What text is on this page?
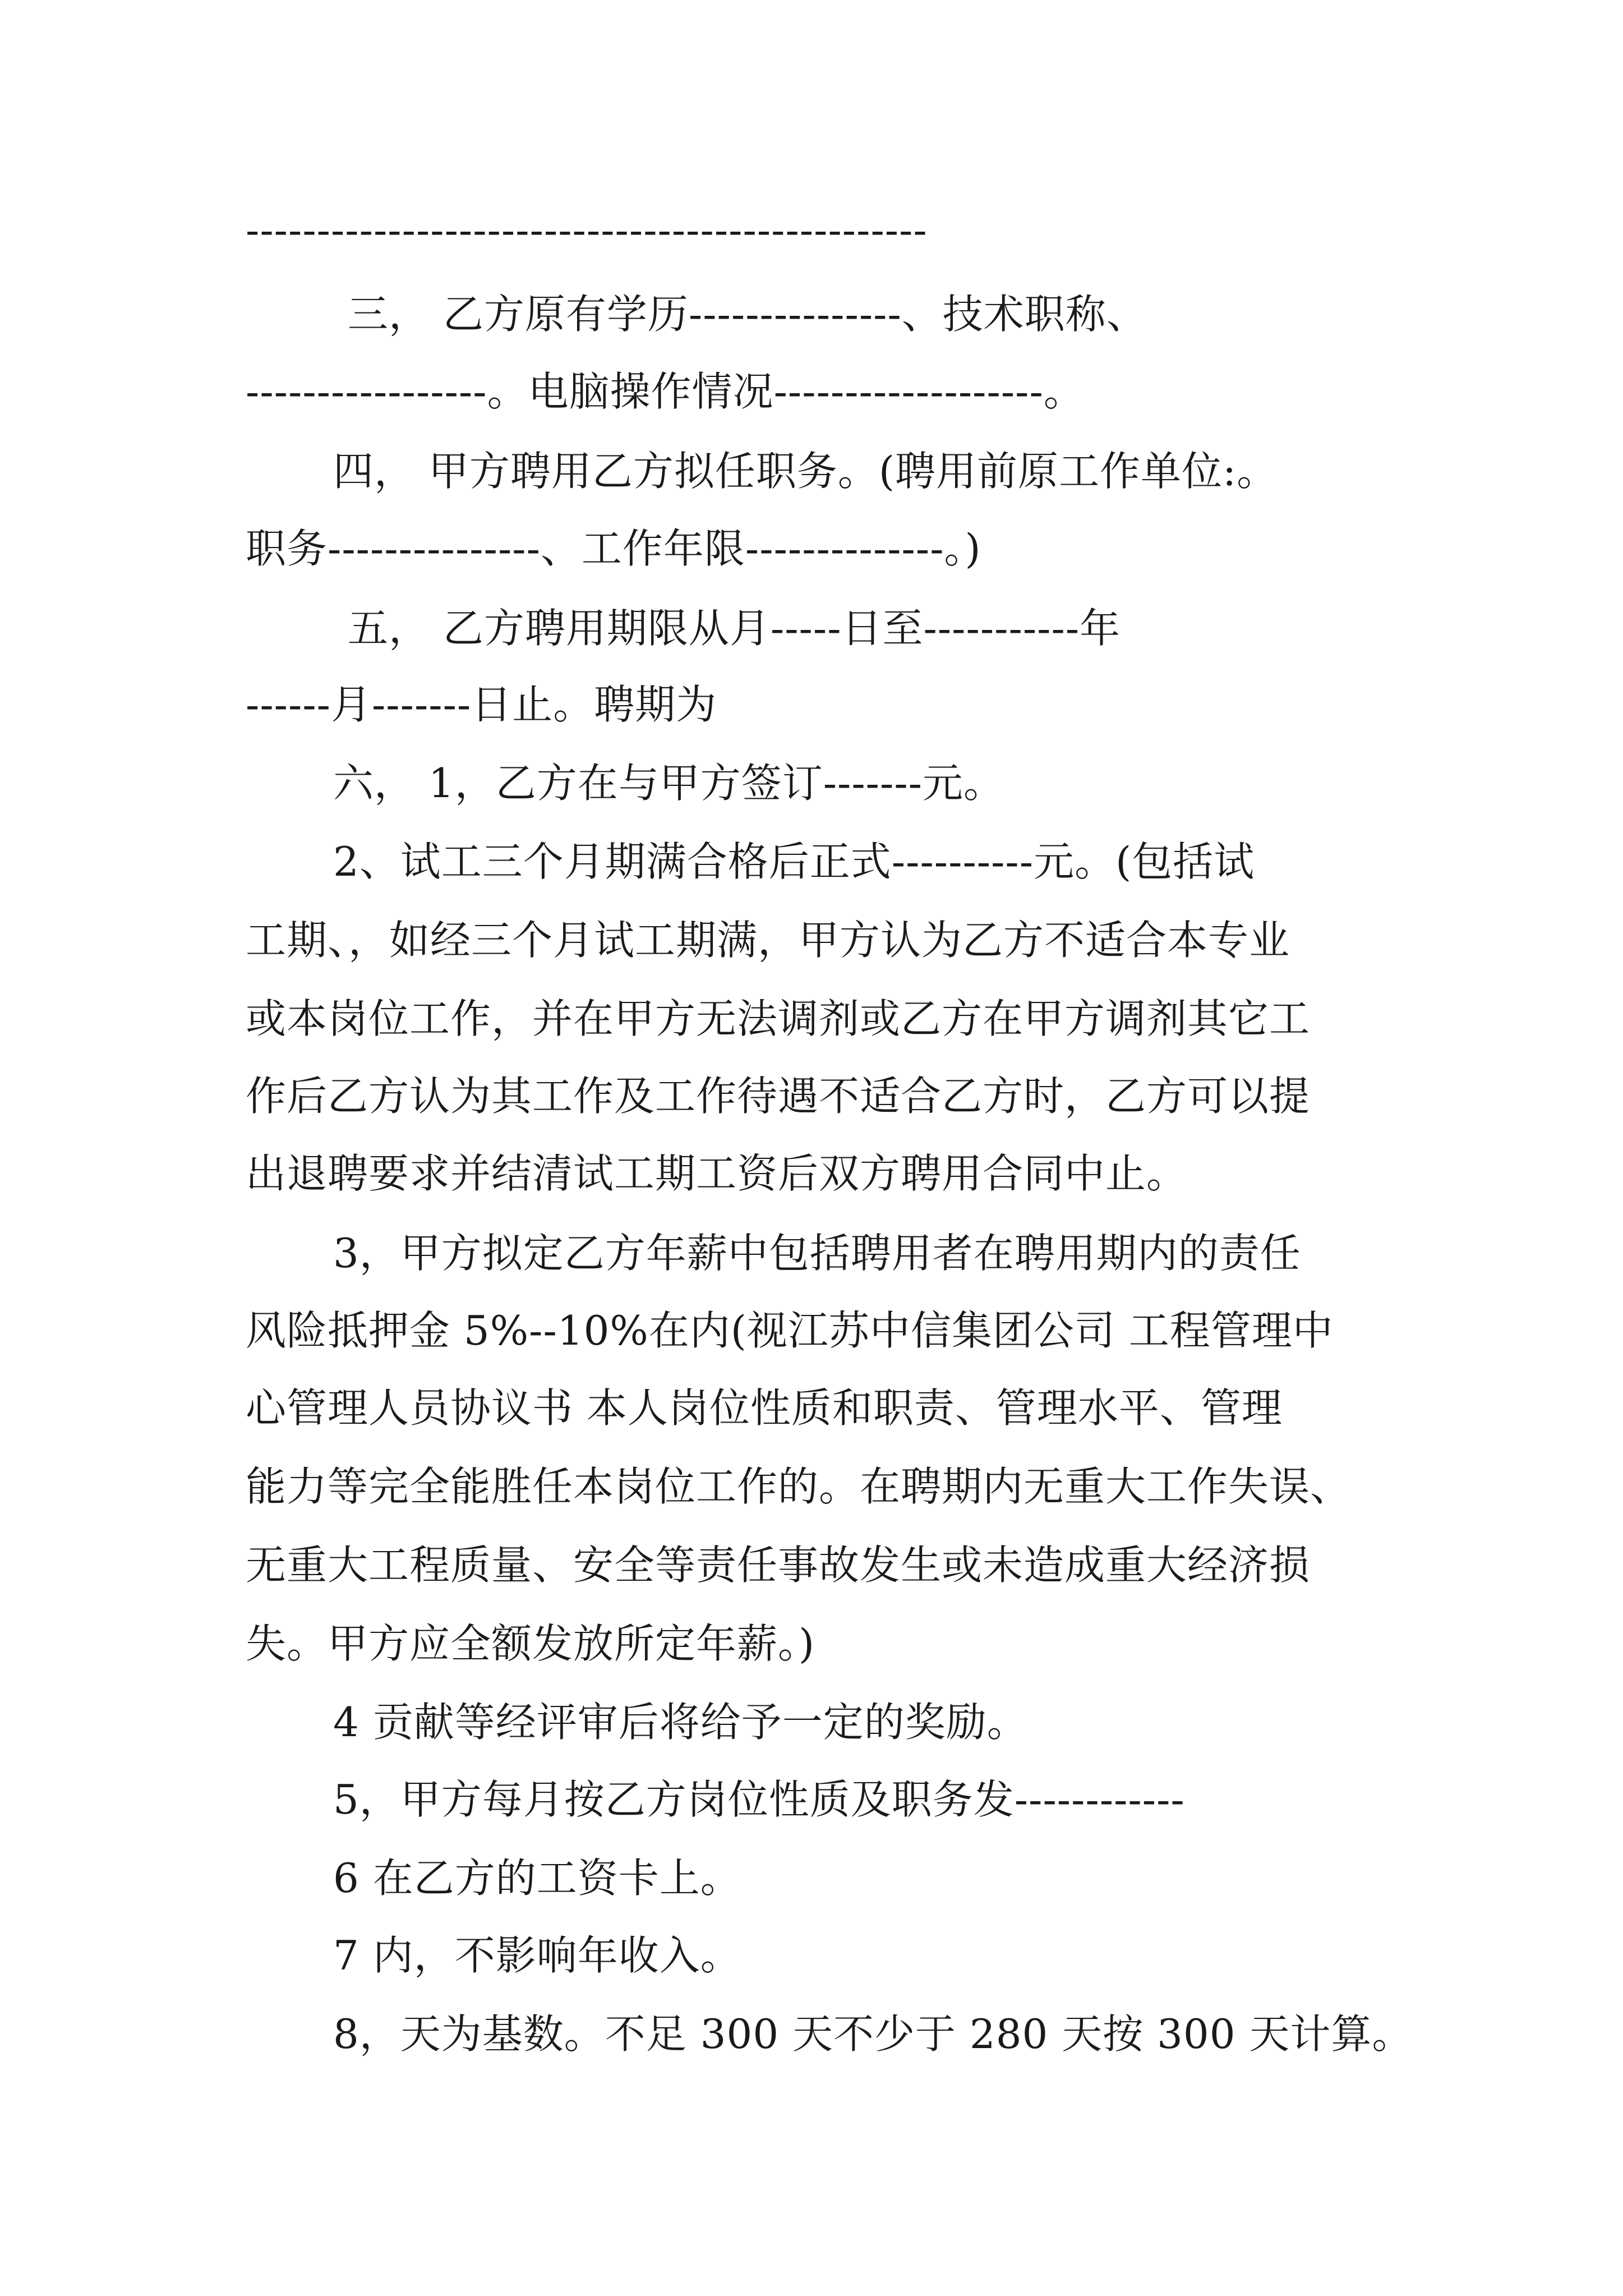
------------------------------------------------
三， 乙方原有学历---------------、技术职称、
-----------------。电脑操作情况-------------------。
四， 甲方聘用乙方拟任职务。(聘用前原工作单位:。
职务---------------、工作年限--------------。)
五， 乙方聘用期限从月-----日至-----------年
------月-------日止。聘期为
六， 1，乙方在与甲方签订-------元。
2、试工三个月期满合格后正式----------元。(包括试
工期、，如经三个月试工期满，甲方认为乙方不适合本专业
或本岗位工作，并在甲方无法调剂或乙方在甲方调剂其它工
作后乙方认为其工作及工作待遇不适合乙方时，乙方可以提
出退聘要求并结清试工期工资后双方聘用合同中止。
3，甲方拟定乙方年薪中包括聘用者在聘用期内的责任
风险抵押金 5%--10%在内(视江苏中信集团公司 工程管理中
心管理人员协议书 本人岗位性质和职责、管理水平、管理
能力等完全能胜任本岗位工作的。在聘期内无重大工作失误、
无重大工程质量、安全等责任事故发生或未造成重大经济损
失。甲方应全额发放所定年薪。)
4 贡献等经评审后将给予一定的奖励。
5，甲方每月按乙方岗位性质及职务发------------
6 在乙方的工资卡上。
7 内，不影响年收入。
8，天为基数。不足 300 天不少于 280 天按 300 天计算。
